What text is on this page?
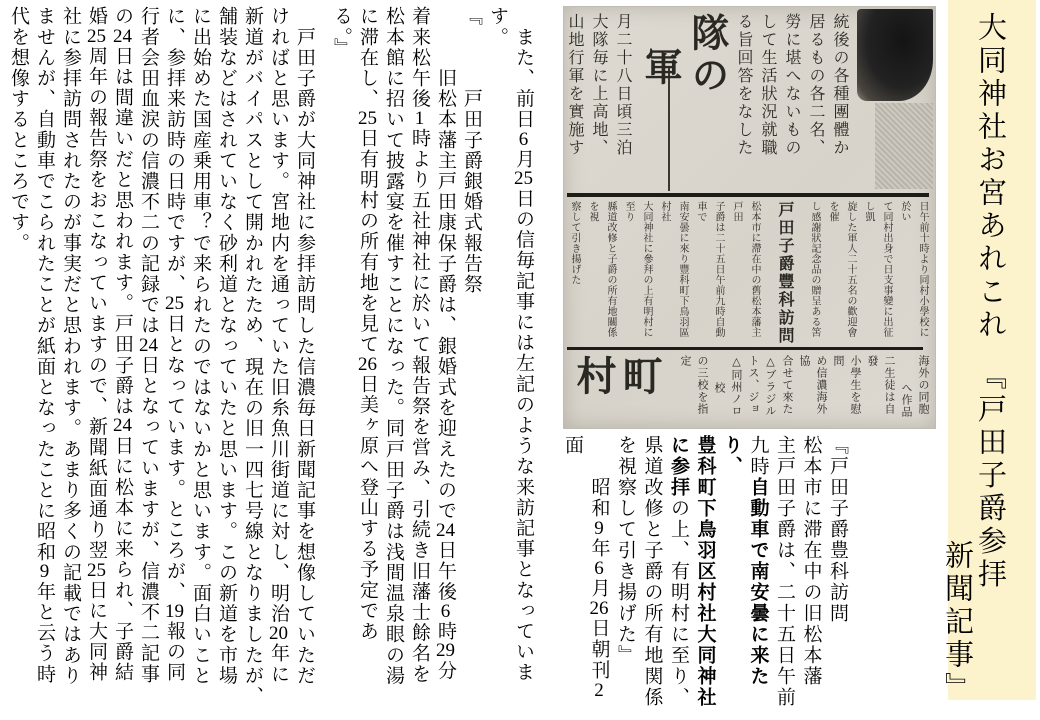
大同神社お宮あれこれ　『戸田子爵参拝
新聞記事』
統後の各種團體か
居るもの各二名、
勞に堪へないもの
して生活狀況就職
る旨回答をなした
隊の
軍
月二十八日頃三泊
大隊毎に上高地、
山地行軍を實施す
日午前十時より同村小學校に於い
て同村出身で日支事變に出征し凱
旋した軍人二十五名の歡迎會を催
し感謝狀記念品の贈呈ある筈
戸田子爵豐科訪問
松本市に滯在中の舊松本藩主戸田
子爵は二十五日午前九時自動車で
南安曇に來り豐科町下鳥羽區村社
大同神社に參拜の上有明村に至り
縣道改修と子爵の所有地關係を視
察して引き揚げた
海外の同胞
へ作品
二生徒は自發
小學生を慰問
め信濃海外協
合せて來た
△ブラジル
トス、ジョ
△同州ノロ
校
の三校を指定
町村
『戸田子爵豊科訪問
松本市に滞在中の旧松本藩
主戸田子爵は、二十五日午前
九時自動車で南安曇に来たり、
豊科町下鳥羽区村社大同神社
に参拝の上、有明村に至り、
県道改修と子爵の所有地関係
を視察して引き揚げた』
　　昭和9年6月26日朝刊2面
　また、前日6月25日の信毎記事には左記のような来訪記事となっていま
す。
『　　　戸田子爵銀婚式報告祭
　　　旧松本藩主戸田康保子爵は、銀婚式を迎えたので24日午後6時29分
着来松午後1時より五社神社に於いて報告祭を営み、引続き旧藩士餘名を
松本館に招いて披露宴を催すことになった。同戸田子爵は浅間温泉眼の湯
に滞在し、25日有明村の所有地を見て26日美ヶ原へ登山する予定であ
る。』
　戸田子爵が大同神社に参拝訪問した信濃毎日新聞記事を想像していただ
ければと思います。宮地内を通っていた旧糸魚川街道に対し、明治20年に
新道がバイパスとして開かれたため、現在の旧一四七号線となりましたが、
舗装などはされていなく砂利道となっていたと思います。この新道を市場
に出始めた国産乗用車？で来られたのではないかと思います。面白いこと
に、参拝来訪時の日時ですが、25日となっています。ところが、19報の同
行者会田血涙の信濃不二の記録では24日となっていますが、信濃不二記事
の24日は間違いだと思われます。戸田子爵は24日に松本に来られ、子爵結
婚25周年の報告祭をおこなっていますので、新聞紙面通り翌25日に大同神
社に参拝訪問されたのが事実だと思われます。あまり多くの記載ではあり
ませんが、自動車でこられたことが紙面となったことに昭和9年と云う時
代を想像するところです。
